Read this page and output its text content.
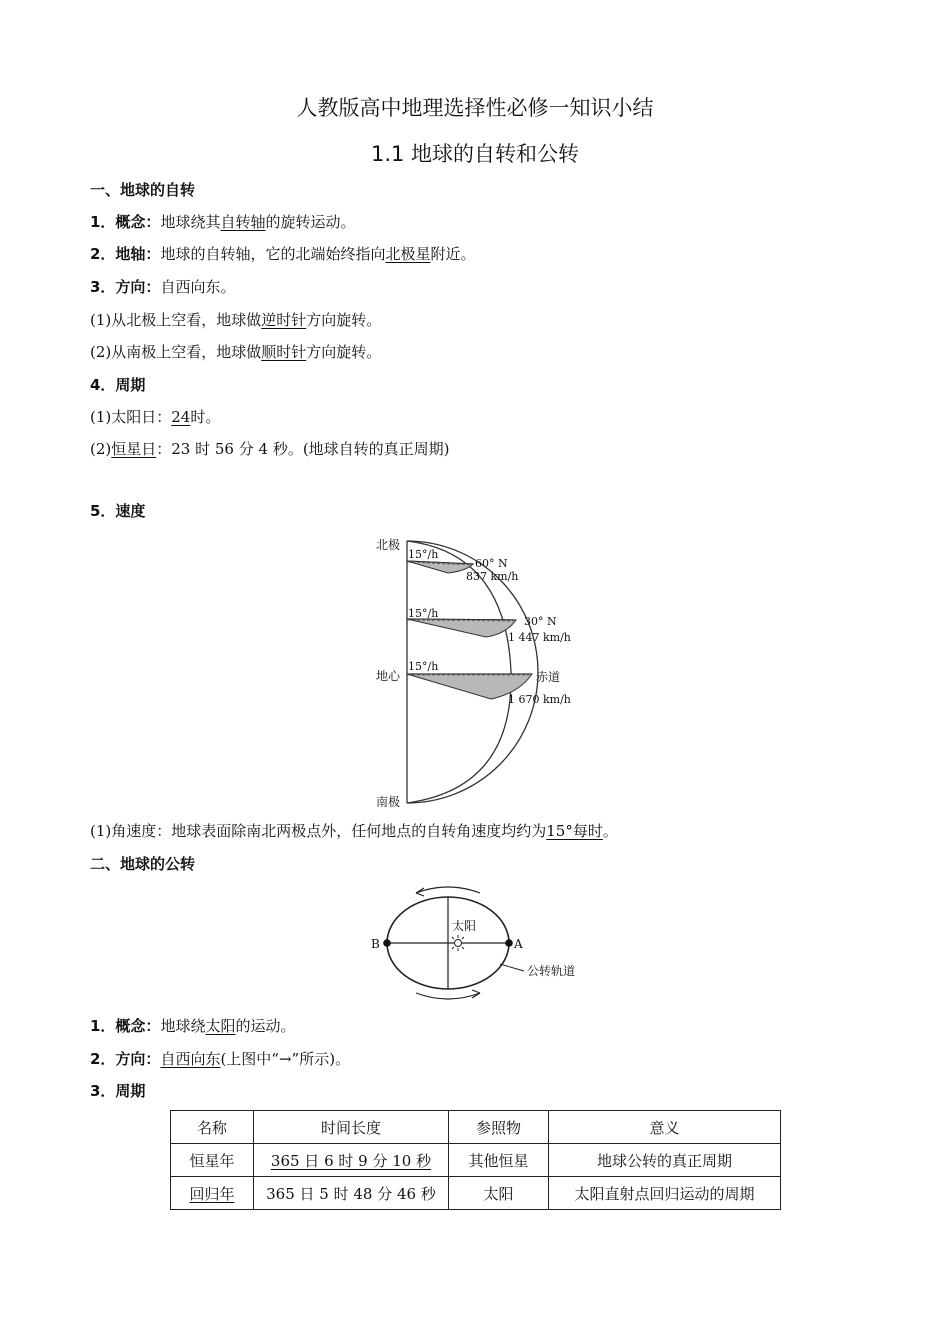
人教版高中地理选择性必修一知识小结
1.1 地球的自转和公转
一、地球的自转
1．概念：地球绕其自转轴的旋转运动。
2．地轴：地球的自转轴，它的北端始终指向北极星附近。
3．方向：自西向东。
(1)从北极上空看，地球做逆时针方向旋转。
(2)从南极上空看，地球做顺时针方向旋转。
4．周期
(1)太阳日：24时。
(2)恒星日：23 时 56 分 4 秒。(地球自转的真正周期)
5．速度
北极
地心
南极
15°/h
15°/h
15°/h
60° N
837 km/h
30° N
1 447 km/h
赤道
1 670 km/h
(1)角速度：地球表面除南北两极点外，任何地点的自转角速度均约为15°每时。
二、地球的公转
太阳
B	A
公转轨道
1．概念：地球绕太阳的运动。
2．方向：自西向东(上图中“→”所示)。
3．周期
名称	时间长度	参照物	意义
恒星年	365 日 6 时 9 分 10 秒	其他恒星	地球公转的真正周期
回归年	365 日 5 时 48 分 46 秒	太阳	太阳直射点回归运动的周期
